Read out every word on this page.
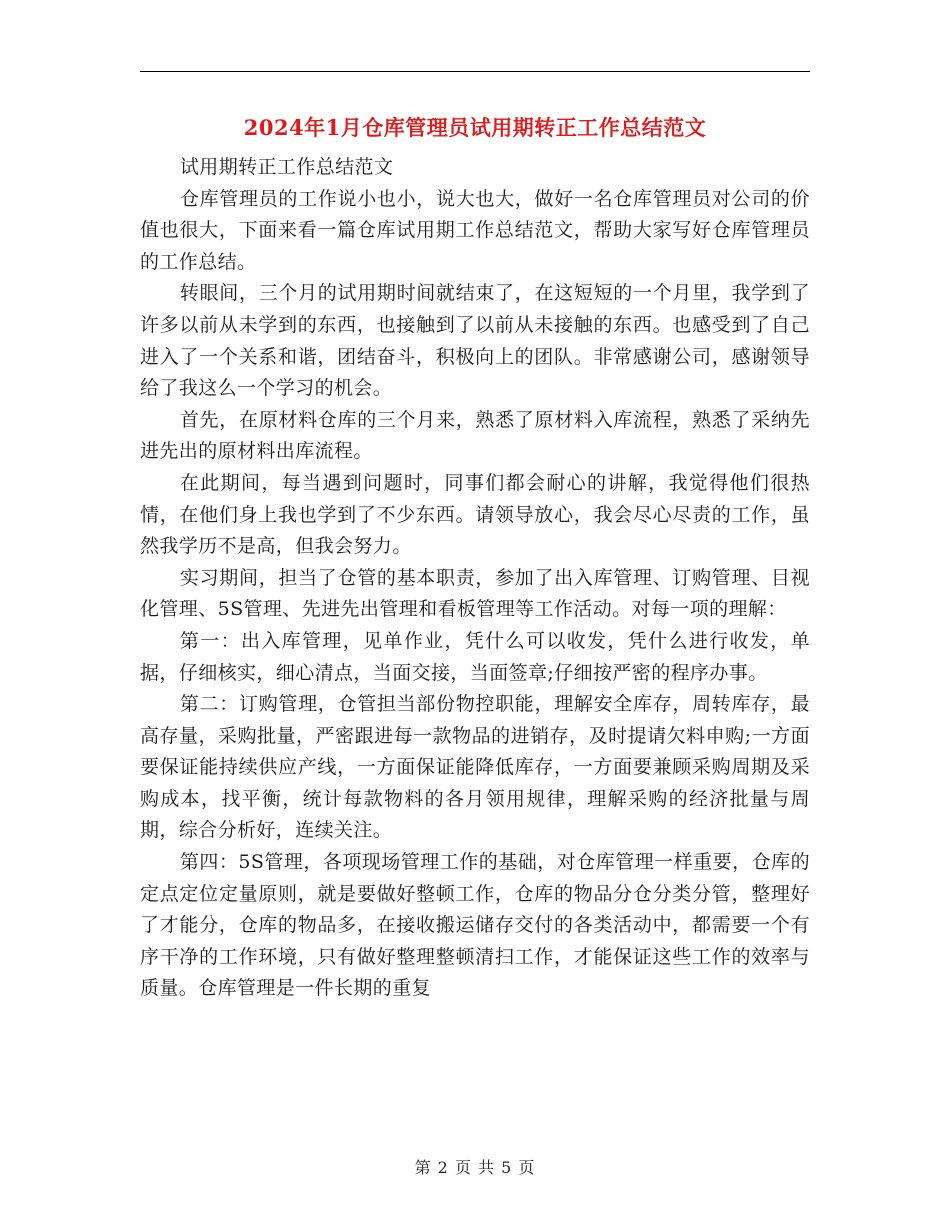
2024年1月仓库管理员试用期转正工作总结范文

试用期转正工作总结范文

仓库管理员的工作说小也小，说大也大，做好一名仓库管理员对公司的价值也很大，下面来看一篇仓库试用期工作总结范文，帮助大家写好仓库管理员的工作总结。

转眼间，三个月的试用期时间就结束了，在这短短的一个月里，我学到了许多以前从未学到的东西，也接触到了以前从未接触的东西。也感受到了自己进入了一个关系和谐，团结奋斗，积极向上的团队。非常感谢公司，感谢领导给了我这么一个学习的机会。

首先，在原材料仓库的三个月来，熟悉了原材料入库流程，熟悉了采纳先进先出的原材料出库流程。

在此期间，每当遇到问题时，同事们都会耐心的讲解，我觉得他们很热情，在他们身上我也学到了不少东西。请领导放心，我会尽心尽责的工作，虽然我学历不是高，但我会努力。

实习期间，担当了仓管的基本职责，参加了出入库管理、订购管理、目视化管理、5S管理、先进先出管理和看板管理等工作活动。对每一项的理解：

第一：出入库管理，见单作业，凭什么可以收发，凭什么进行收发，单据，仔细核实，细心清点，当面交接，当面签章;仔细按严密的程序办事。

第二：订购管理，仓管担当部份物控职能，理解安全库存，周转库存，最高存量，采购批量，严密跟进每一款物品的进销存，及时提请欠料申购;一方面要保证能持续供应产线，一方面保证能降低库存，一方面要兼顾采购周期及采购成本，找平衡，统计每款物料的各月领用规律，理解采购的经济批量与周期，综合分析好，连续关注。

第四：5S管理，各项现场管理工作的基础，对仓库管理一样重要，仓库的定点定位定量原则，就是要做好整顿工作，仓库的物品分仓分类分管，整理好了才能分，仓库的物品多，在接收搬运储存交付的各类活动中，都需要一个有序干净的工作环境，只有做好整理整顿清扫工作，才能保证这些工作的效率与质量。仓库管理是一件长期的重复

第 2 页 共 5 页
